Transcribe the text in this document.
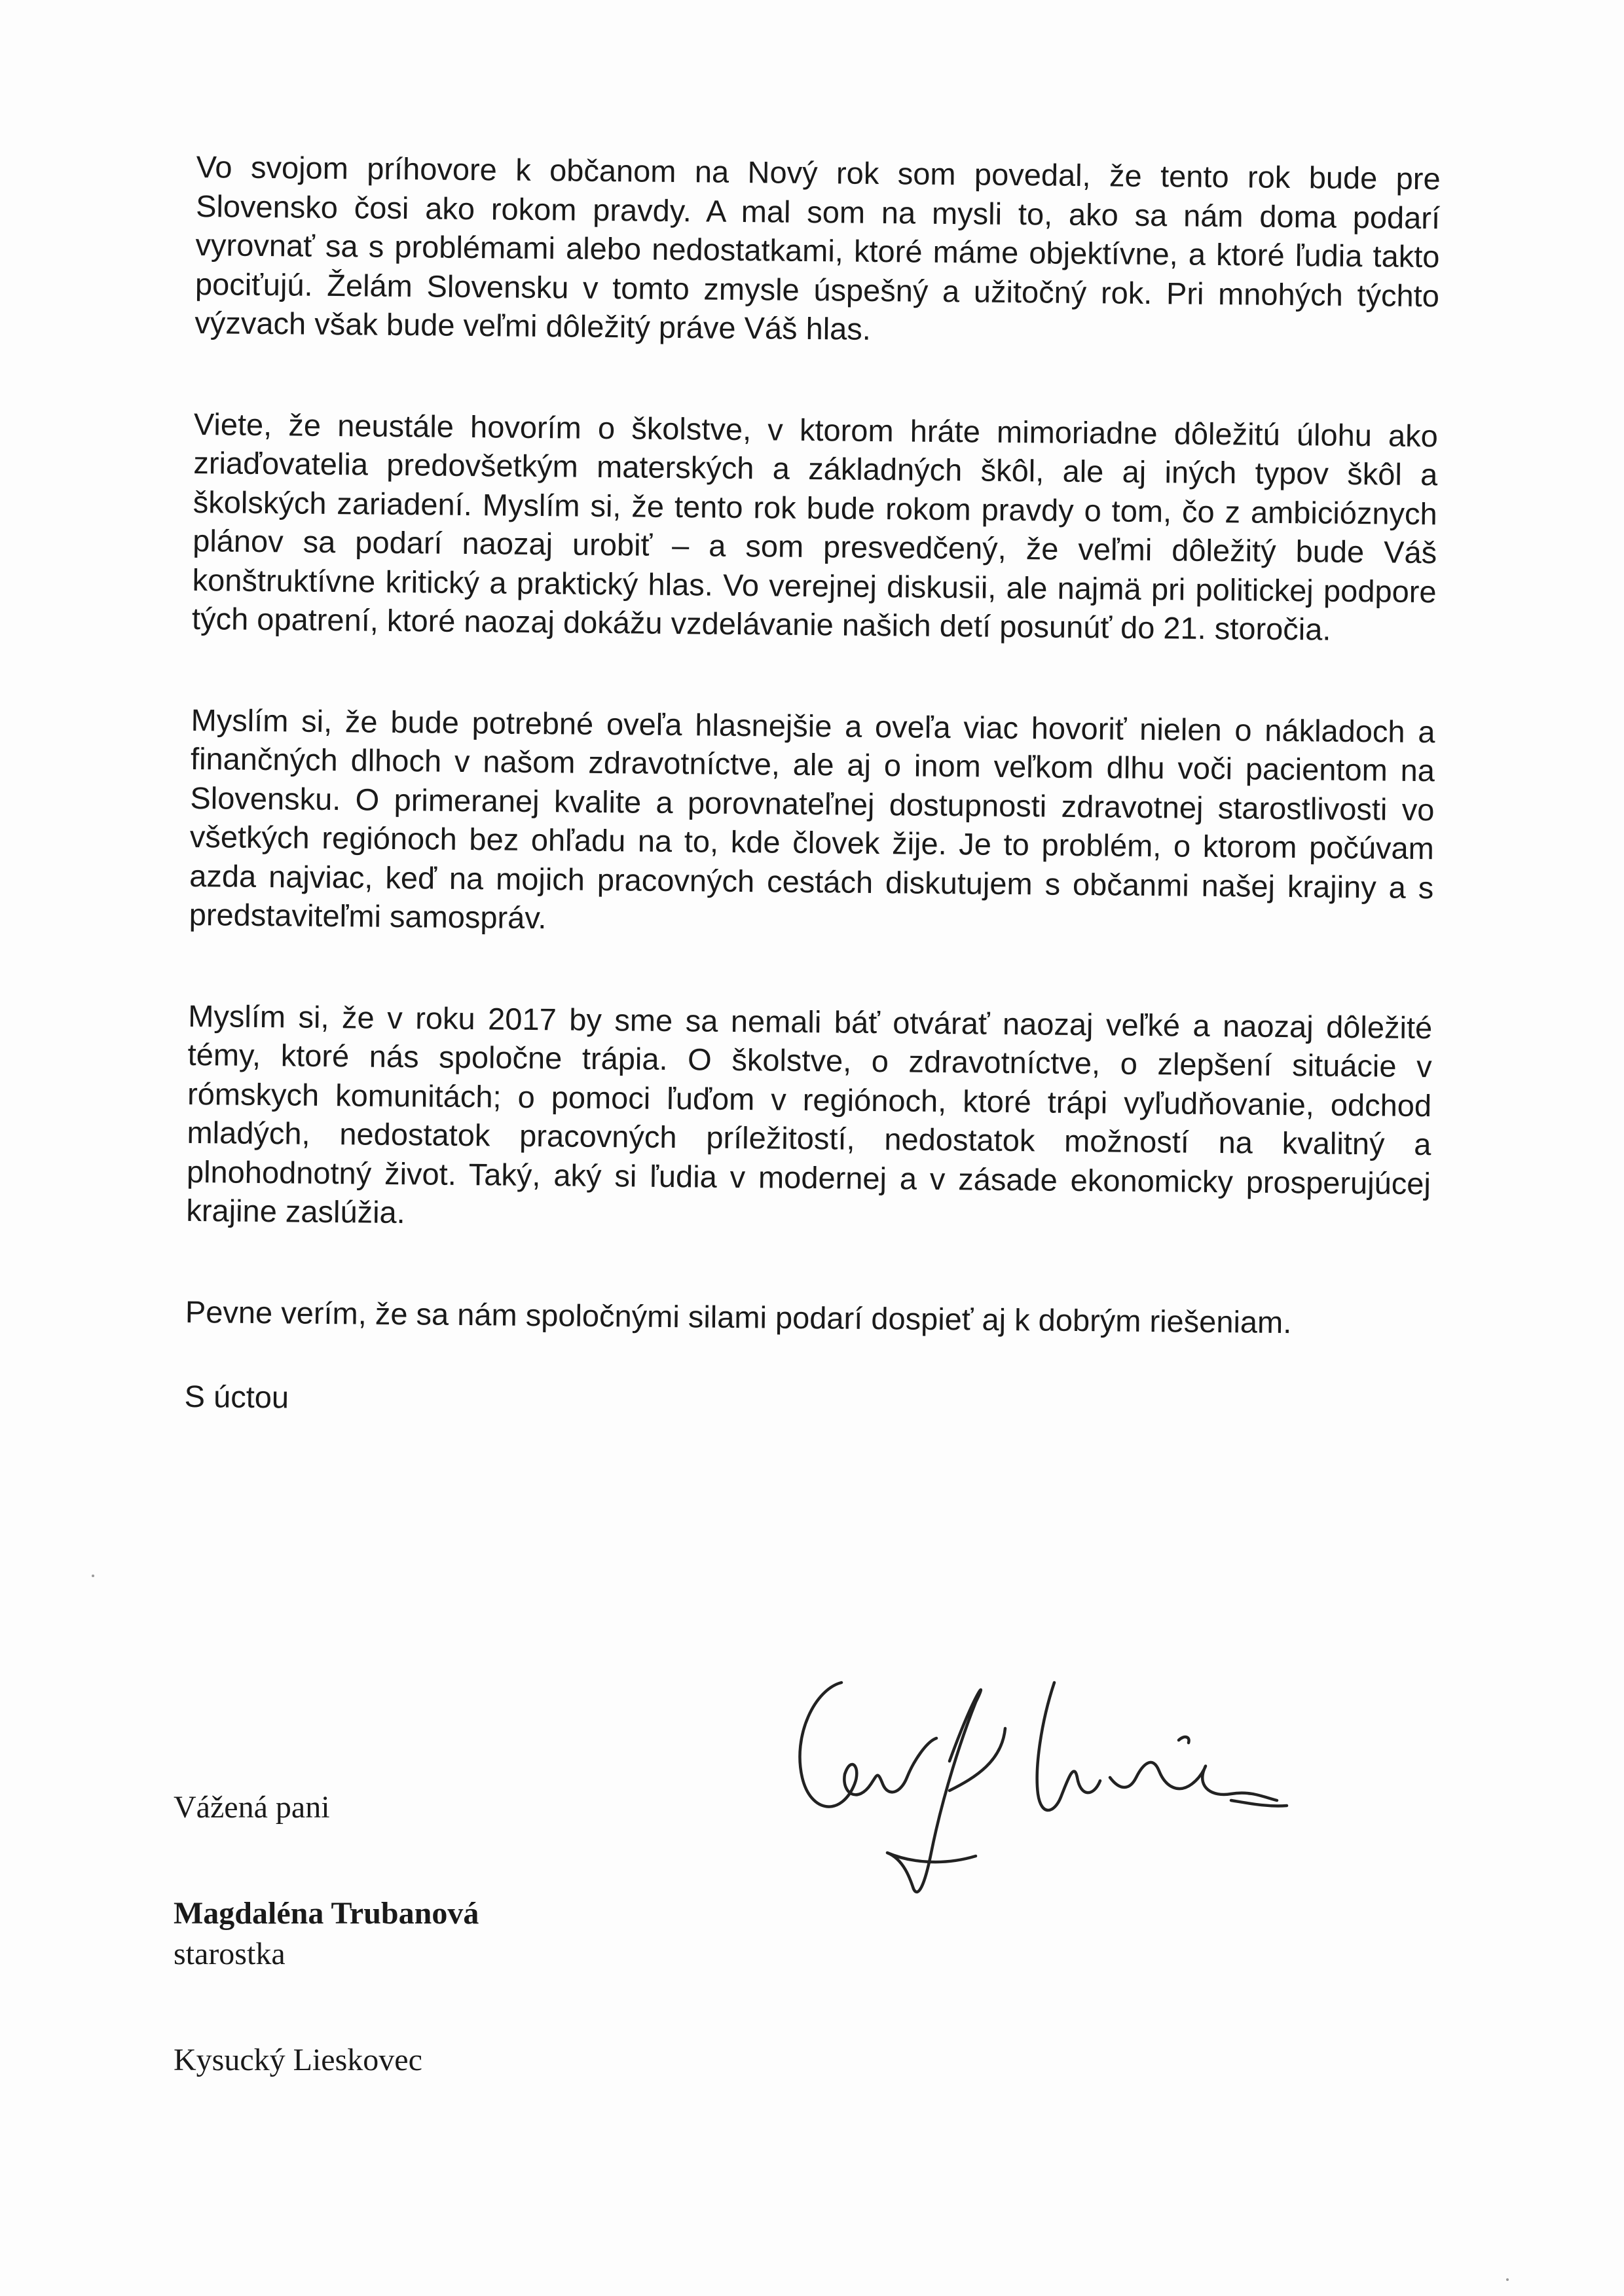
Vo svojom príhovore k občanom na Nový rok som povedal, že tento rok bude pre Slovensko čosi ako rokom pravdy. A mal som na mysli to, ako sa nám doma podarí vyrovnať sa s problémami alebo nedostatkami, ktoré máme objektívne, a ktoré ľudia takto pociťujú. Želám Slovensku v tomto zmysle úspešný a užitočný rok. Pri mnohých týchto výzvach však bude veľmi dôležitý práve Váš hlas.

Viete, že neustále hovorím o školstve, v ktorom hráte mimoriadne dôležitú úlohu ako zriaďovatelia predovšetkým materských a základných škôl, ale aj iných typov škôl a školských zariadení. Myslím si, že tento rok bude rokom pravdy o tom, čo z ambicióznych plánov sa podarí naozaj urobiť – a som presvedčený, že veľmi dôležitý bude Váš konštruktívne kritický a praktický hlas. Vo verejnej diskusii, ale najmä pri politickej podpore tých opatrení, ktoré naozaj dokážu vzdelávanie našich detí posunúť do 21. storočia.

Myslím si, že bude potrebné oveľa hlasnejšie a oveľa viac hovoriť nielen o nákladoch a finančných dlhoch v našom zdravotníctve, ale aj o inom veľkom dlhu voči pacientom na Slovensku. O primeranej kvalite a porovnateľnej dostupnosti zdravotnej starostlivosti vo všetkých regiónoch bez ohľadu na to, kde človek žije. Je to problém, o ktorom počúvam azda najviac, keď na mojich pracovných cestách diskutujem s občanmi našej krajiny a s predstaviteľmi samospráv.

Myslím si, že v roku 2017 by sme sa nemali báť otvárať naozaj veľké a naozaj dôležité témy, ktoré nás spoločne trápia. O školstve, o zdravotníctve, o zlepšení situácie v rómskych komunitách; o pomoci ľuďom v regiónoch, ktoré trápi vyľudňovanie, odchod mladých, nedostatok pracovných príležitostí, nedostatok možností na kvalitný a plnohodnotný život. Taký, aký si ľudia v modernej a v zásade ekonomicky prosperujúcej krajine zaslúžia.

Pevne verím, že sa nám spoločnými silami podarí dospieť aj k dobrým riešeniam.

S úctou

Vážená pani
Magdaléna Trubanová
starostka
Kysucký Lieskovec
